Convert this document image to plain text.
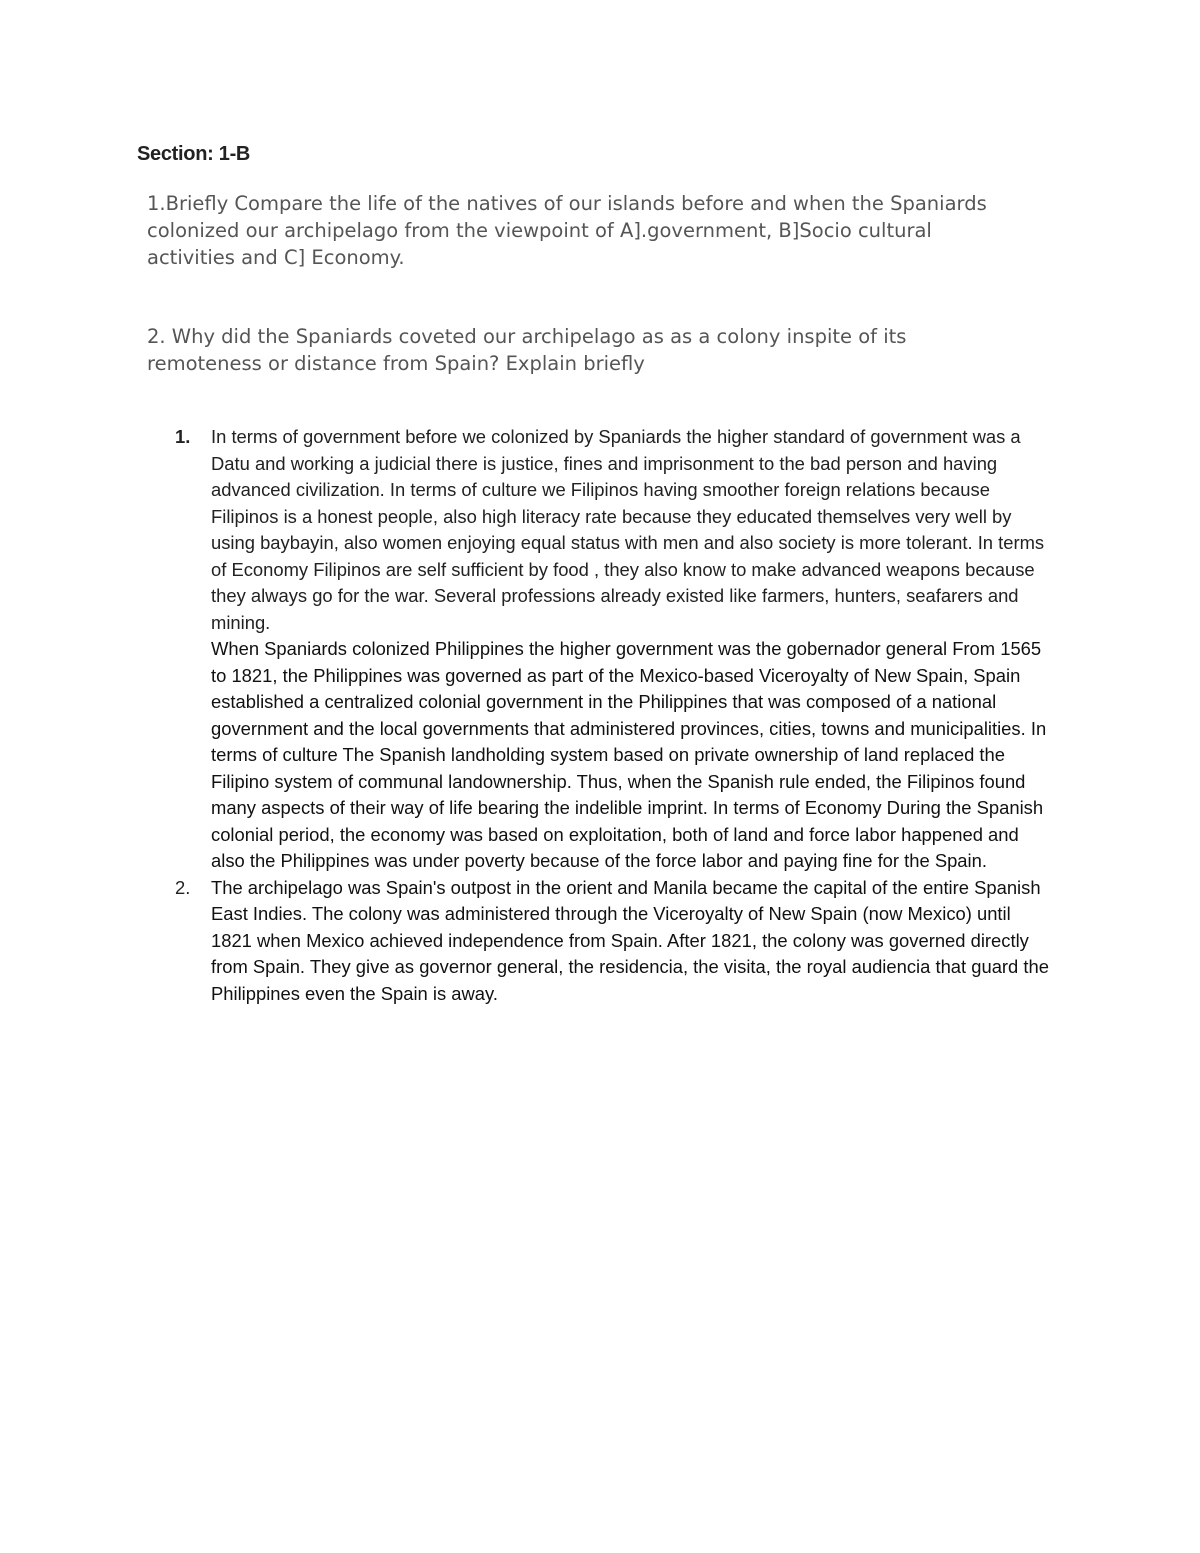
Section: 1-B
1.Briefly Compare the life of the natives of our islands before and when the Spaniards colonized our archipelago from the viewpoint of A].government, B]Socio cultural activities and C] Economy.
2. Why did the Spaniards coveted our archipelago as as a colony inspite of its remoteness or distance from Spain? Explain briefly
1. In terms of government before we colonized by Spaniards the higher standard of government was a Datu and working a judicial there is justice, fines and imprisonment to the bad person and having advanced civilization. In terms of culture we Filipinos having smoother foreign relations because Filipinos is a honest people, also high literacy rate because they educated themselves very well by using baybayin, also women enjoying equal status with men and also society is more tolerant. In terms of Economy Filipinos are self sufficient by food , they also know to make advanced weapons because they always go for the war. Several professions already existed like farmers, hunters, seafarers and mining.
When Spaniards colonized Philippines the higher government was the gobernador general From 1565 to 1821, the Philippines was governed as part of the Mexico-based Viceroyalty of New Spain, Spain established a centralized colonial government in the Philippines that was composed of a national government and the local governments that administered provinces, cities, towns and municipalities. In terms of culture The Spanish landholding system based on private ownership of land replaced the Filipino system of communal landownership. Thus, when the Spanish rule ended, the Filipinos found many aspects of their way of life bearing the indelible imprint. In terms of Economy During the Spanish colonial period, the economy was based on exploitation, both of land and force labor happened and also the Philippines was under poverty because of the force labor and paying fine for the Spain.
2. The archipelago was Spain's outpost in the orient and Manila became the capital of the entire Spanish East Indies. The colony was administered through the Viceroyalty of New Spain (now Mexico) until 1821 when Mexico achieved independence from Spain. After 1821, the colony was governed directly from Spain. They give as governor general, the residencia, the visita, the royal audiencia that guard the Philippines even the Spain is away.
